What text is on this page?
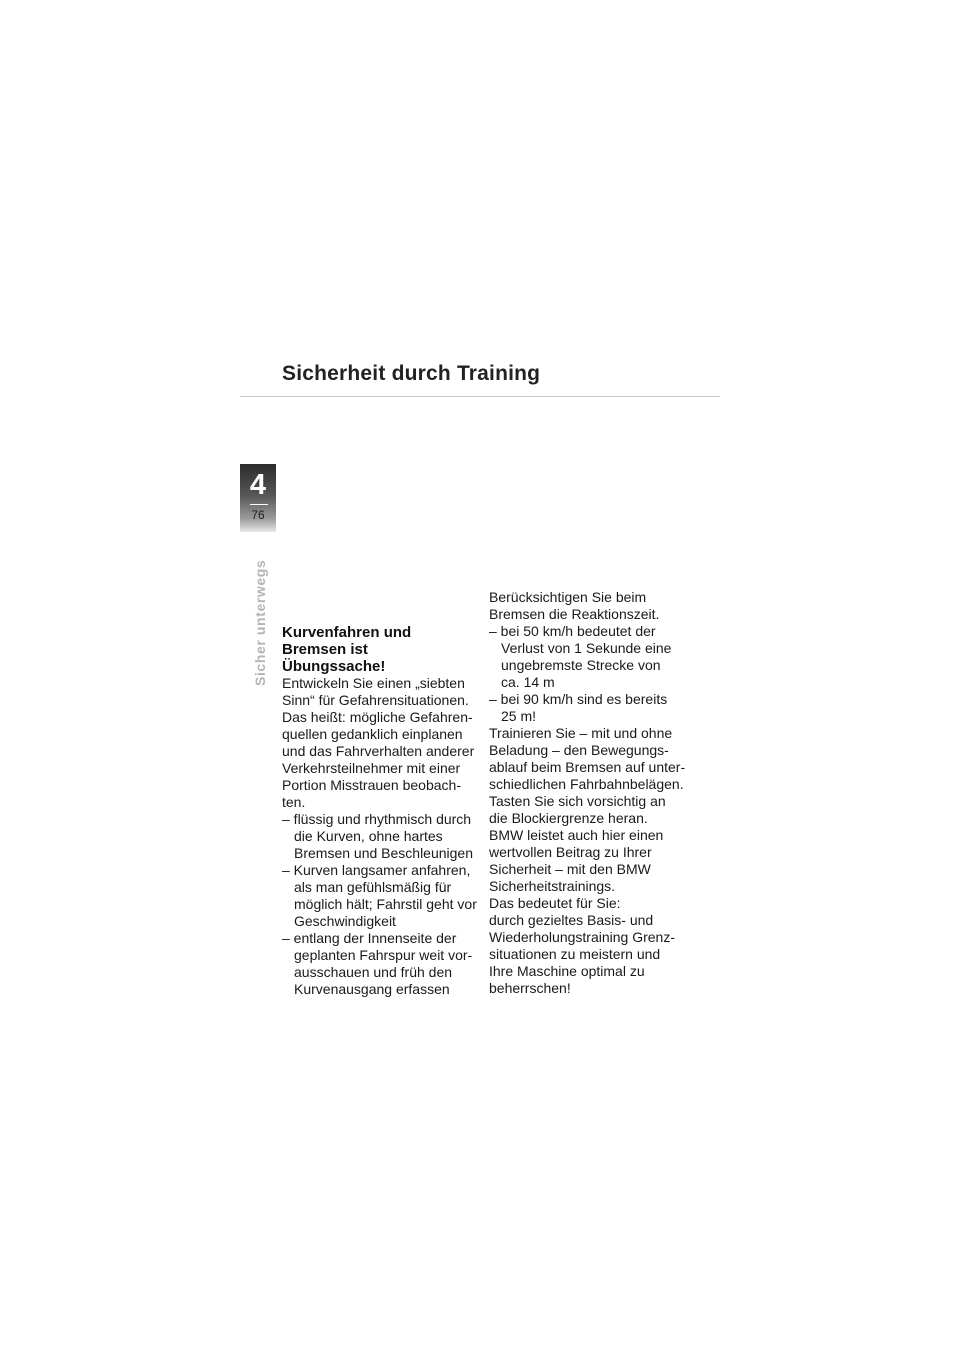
Sicherheit durch Training
4
76
Sicher unterwegs Kurvenfahren und
Bremsen ist
Übungssache!

Entwickeln Sie einen „siebten
Sinn“ für Gefahrensituationen.
Das heißt: mögliche Gefahren-
quellen gedanklich einplanen
und das Fahrverhalten anderer
Verkehrsteilnehmer mit einer
Portion Misstrauen beobach-
ten.

– flüssig und rhythmisch durch
die Kurven, ohne hartes
Bremsen und Beschleunigen
– Kurven langsamer anfahren,
als man gefühlsmäßig für
möglich hält; Fahrstil geht vor
Geschwindigkeit
– entlang der Innenseite der
geplanten Fahrspur weit vor-
ausschauen und früh den
Kurvenausgang erfassen

Berücksichtigen Sie beim
Bremsen die Reaktionszeit.

– bei 50 km/h bedeutet der
Verlust von 1 Sekunde eine
ungebremste Strecke von
ca. 14 m
– bei 90 km/h sind es bereits
25 m!

Trainieren Sie – mit und ohne
Beladung – den Bewegungs-
ablauf beim Bremsen auf unter-
schiedlichen Fahrbahnbelägen.
Tasten Sie sich vorsichtig an
die Blockiergrenze heran.
BMW leistet auch hier einen
wertvollen Beitrag zu Ihrer
Sicherheit – mit den BMW
Sicherheitstrainings.
Das bedeutet für Sie:
durch gezieltes Basis- und
Wiederholungstraining Grenz-
situationen zu meistern und
Ihre Maschine optimal zu
beherrschen!
